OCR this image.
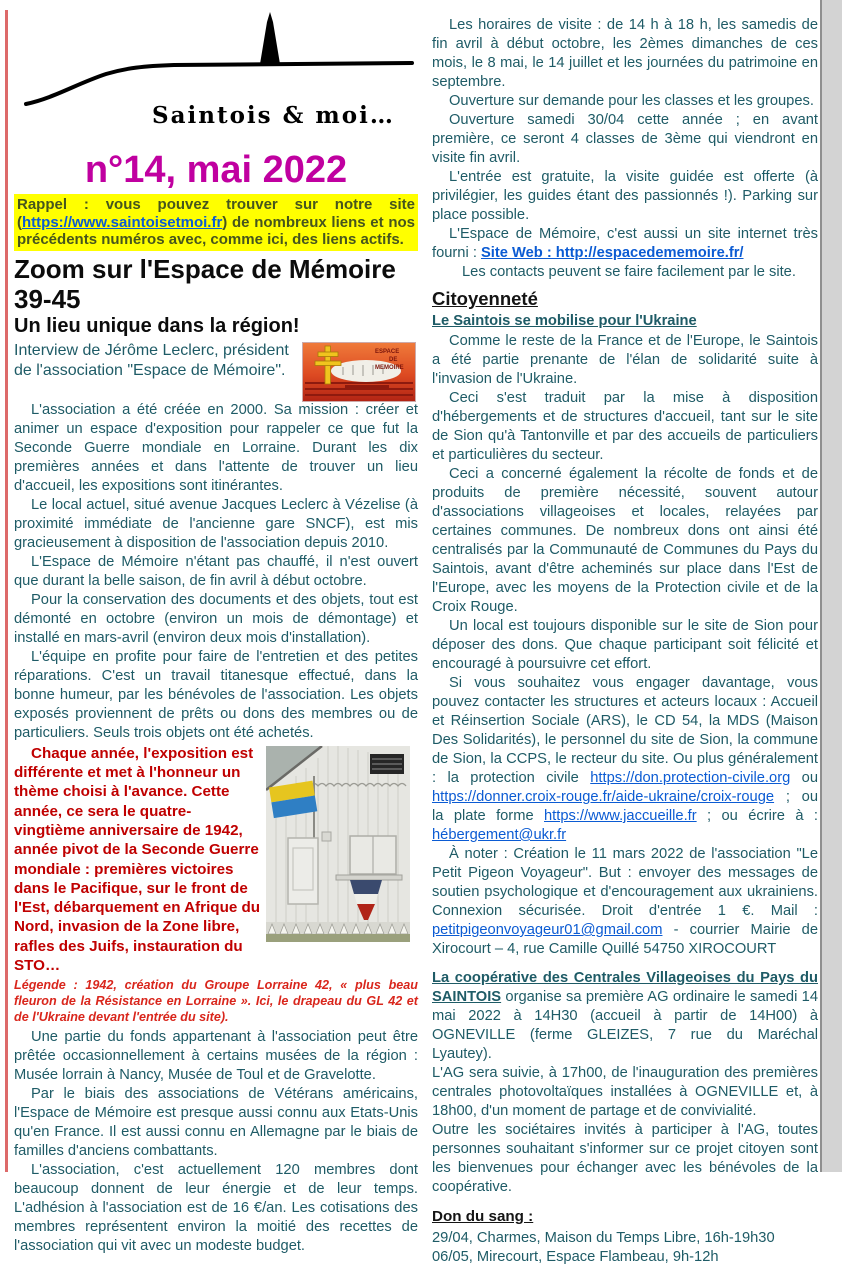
Saintois & moi…
n°14, mai 2022

Rappel : vous pouvez trouver sur notre site (https://www.saintoisetmoi.fr) de nombreux liens et nos précédents numéros avec, comme ici, des liens actifs.

Zoom sur l'Espace de Mémoire 39-45
Un lieu unique dans la région!

Interview de Jérôme Leclerc, président de l'association "Espace de Mémoire".

ESPACE
DE
MEMOIRE

L'association a été créée en 2000. Sa mission : créer et animer un espace d'exposition pour rappeler ce que fut la Seconde Guerre mondiale en Lorraine. Durant les dix premières années et dans l'attente de trouver un lieu d'accueil, les expositions sont itinérantes.

Le local actuel, situé avenue Jacques Leclerc à Vézelise (à proximité immédiate de l'ancienne gare SNCF), est mis gracieusement à disposition de l'association depuis 2010.

L'Espace de Mémoire n'étant pas chauffé, il n'est ouvert que durant la belle saison, de fin avril à début octobre.

Pour la conservation des documents et des objets, tout est démonté en octobre (environ un mois de démontage) et installé en mars-avril (environ deux mois d'installation).

L'équipe en profite pour faire de l'entretien et des petites réparations. C'est un travail titanesque effectué, dans la bonne humeur, par les bénévoles de l'association. Les objets exposés proviennent de prêts ou dons des membres ou de particuliers. Seuls trois objets ont été achetés.

Chaque année, l'exposition est différente et met à l'honneur un thème choisi à l'avance. Cette année, ce sera le quatre-vingtième anniversaire de 1942, année pivot de la Seconde Guerre mondiale : premières victoires dans le Pacifique, sur le front de l'Est, débarquement en Afrique du Nord, invasion de la Zone libre, rafles des Juifs, instauration du STO…

Légende : 1942, création du Groupe Lorraine 42, « plus beau fleuron de la Résistance en Lorraine ». Ici, le drapeau du GL 42 et de l'Ukraine devant l'entrée du site).

Une partie du fonds appartenant à l'association peut être prêtée occasionnellement à certains musées de la région : Musée lorrain à Nancy, Musée de Toul et de Gravelotte.

Par le biais des associations de Vétérans américains, l'Espace de Mémoire est presque aussi connu aux Etats-Unis qu'en France. Il est aussi connu en Allemagne par le biais de familles d'anciens combattants.

L'association, c'est actuellement 120 membres dont beaucoup donnent de leur énergie et de leur temps. L'adhésion à l'association est de 16 €/an. Les cotisations des membres représentent environ la moitié des recettes de l'association qui vit avec un modeste budget.

Les horaires de visite : de 14 h à 18 h, les samedis de fin avril à début octobre, les 2èmes dimanches de ces mois, le 8 mai, le 14 juillet et les journées du patrimoine en septembre.

Ouverture sur demande pour les classes et les groupes.

Ouverture samedi 30/04 cette année ; en avant première, ce seront 4 classes de 3ème qui viendront en visite fin avril.

L'entrée est gratuite, la visite guidée est offerte (à privilégier, les guides étant des passionnés !). Parking sur place possible.

L'Espace de Mémoire, c'est aussi un site internet très fourni : Site Web : http://espacedememoire.fr/

Les contacts peuvent se faire facilement par le site.

Citoyenneté
Le Saintois se mobilise pour l'Ukraine

Comme le reste de la France et de l'Europe, le Saintois a été partie prenante de l'élan de solidarité suite à l'invasion de l'Ukraine.

Ceci s'est traduit par la mise à disposition d'hébergements et de structures d'accueil, tant sur le site de Sion qu'à Tantonville et par des accueils de particuliers et particulières du secteur.

Ceci a concerné également la récolte de fonds et de produits de première nécessité, souvent autour d'associations villageoises et locales, relayées par certaines communes. De nombreux dons ont ainsi été centralisés par la Communauté de Communes du Pays du Saintois, avant d'être acheminés sur place dans l'Est de l'Europe, avec les moyens de la Protection civile et de la Croix Rouge.

Un local est toujours disponible sur le site de Sion pour déposer des dons. Que chaque participant soit félicité et encouragé à poursuivre cet effort.

Si vous souhaitez vous engager davantage, vous pouvez contacter les structures et acteurs locaux : Accueil et Réinsertion Sociale (ARS), le CD 54, la MDS (Maison Des Solidarités), le personnel du site de Sion, la commune de Sion, la CCPS, le recteur du site. Ou plus généralement : la protection civile https://don.protection-civile.org ou https://donner.croix-rouge.fr/aide-ukraine/croix-rouge ; ou la plate forme https://www.jaccueille.fr ; ou écrire à : hébergement@ukr.fr

À noter : Création le 11 mars 2022 de l'association "Le Petit Pigeon Voyageur". But : envoyer des messages de soutien psychologique et d'encouragement aux ukrainiens. Connexion sécurisée. Droit d'entrée 1 €. Mail : petitpigeonvoyageur01@gmail.com - courrier Mairie de Xirocourt – 4, rue Camille Quillé 54750 XIROCOURT

La coopérative des Centrales Villageoises du Pays du SAINTOIS organise sa première AG ordinaire le samedi 14 mai 2022 à 14H30 (accueil à partir de 14H00) à OGNEVILLE (ferme GLEIZES, 7 rue du Maréchal Lyautey).

L'AG sera suivie, à 17h00, de l'inauguration des premières centrales photovoltaïques installées à OGNEVILLE et, à 18h00, d'un moment de partage et de convivialité.

Outre les sociétaires invités à participer à l'AG, toutes personnes souhaitant s'informer sur ce projet citoyen sont les bienvenues pour échanger avec les bénévoles de la coopérative.

Don du sang :

29/04, Charmes, Maison du Temps Libre, 16h-19h30

06/05, Mirecourt, Espace Flambeau, 9h-12h
